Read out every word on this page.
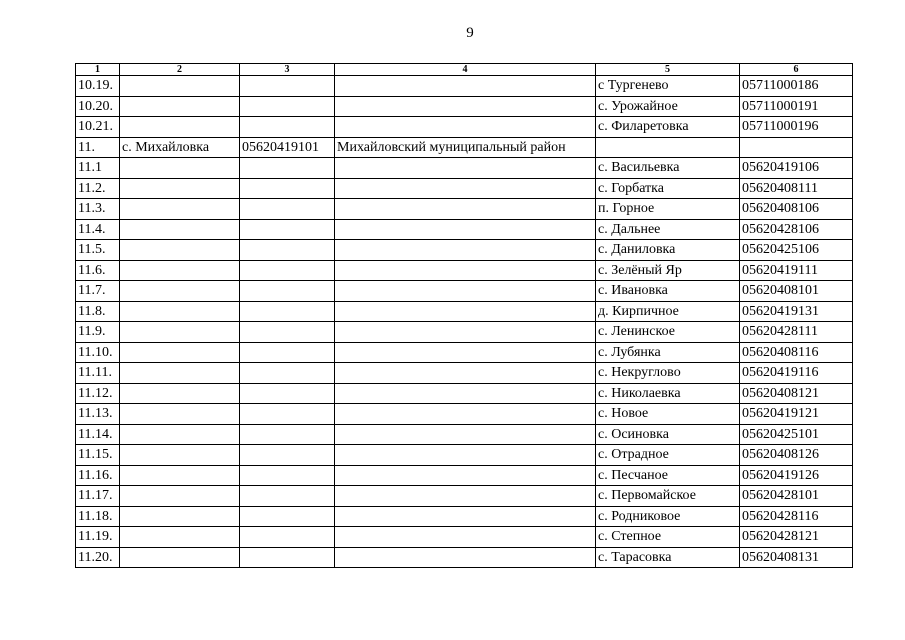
9
1	2	3	4	5	6
10.19.				с Тургенево	05711000186
10.20.				с. Урожайное	05711000191
10.21.				с. Филаретовка	05711000196
11.	с. Михайловка	05620419101	Михайловский муниципальный район		
11.1				с. Васильевка	05620419106
11.2.				с. Горбатка	05620408111
11.3.				п. Горное	05620408106
11.4.				с. Дальнее	05620428106
11.5.				с. Даниловка	05620425106
11.6.				с. Зелёный Яр	05620419111
11.7.				с. Ивановка	05620408101
11.8.				д. Кирпичное	05620419131
11.9.				с. Ленинское	05620428111
11.10.				с. Лубянка	05620408116
11.11.				с. Некруглово	05620419116
11.12.				с. Николаевка	05620408121
11.13.				с. Новое	05620419121
11.14.				с. Осиновка	05620425101
11.15.				с. Отрадное	05620408126
11.16.				с. Песчаное	05620419126
11.17.				с. Первомайское	05620428101
11.18.				с. Родниковое	05620428116
11.19.				с. Степное	05620428121
11.20.				с. Тарасовка	05620408131
